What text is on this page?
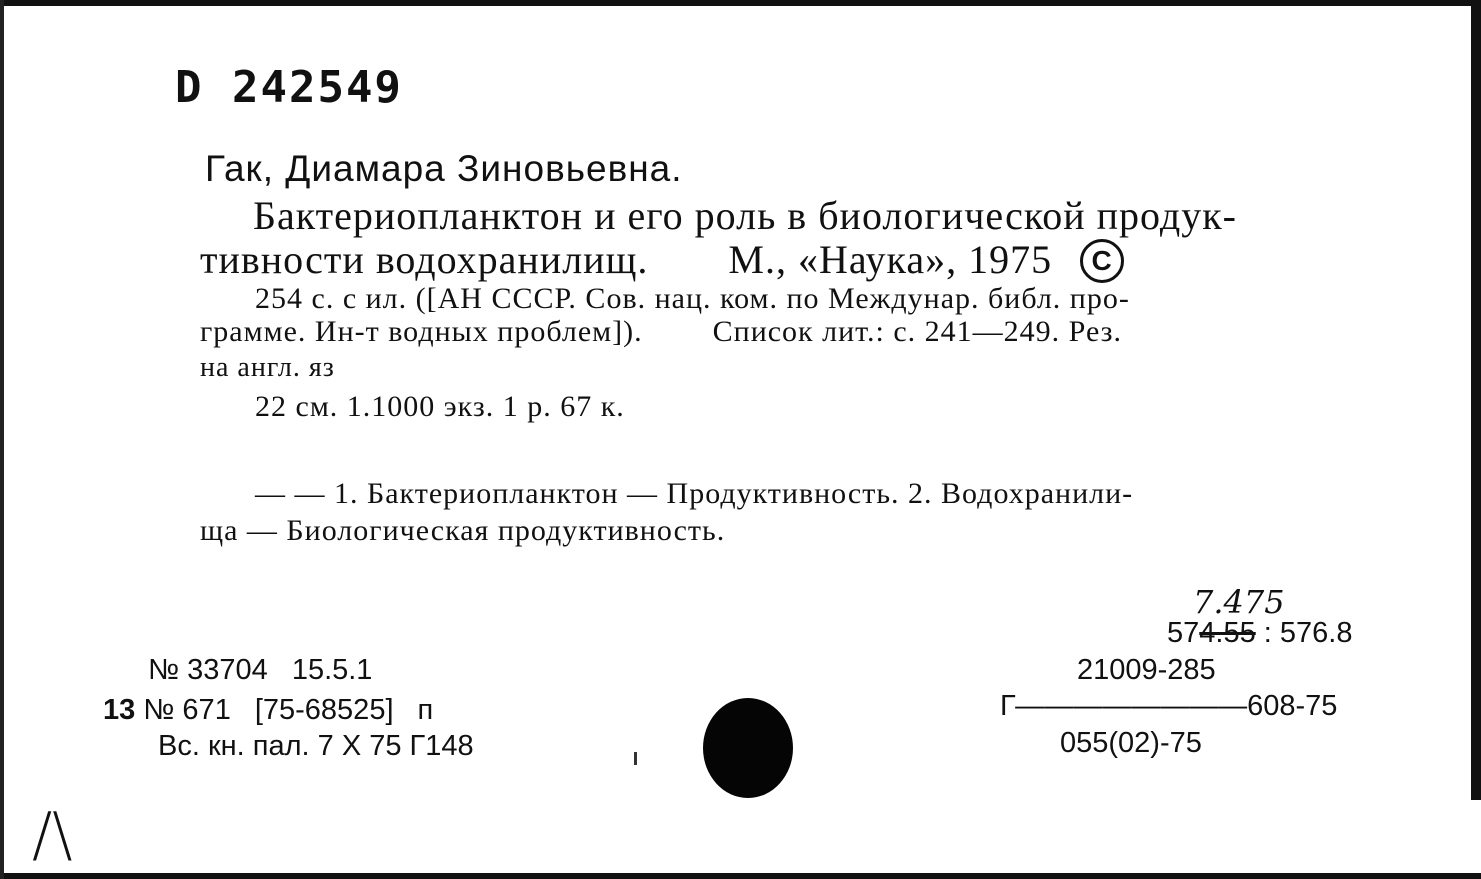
D 242549
Гак, Диамара Зиновьевна.
Бактериопланктон и его роль в биологической продук-
тивности водохранилищ. М., «Наука», 1975 C
254 с. с ил. ([АН СССР. Сов. нац. ком. по Междунар. библ. про-
грамме. Ин-т водных проблем]). Список лит.: с. 241—249. Рез.
на англ. яз
22 см. 1.1000 экз. 1 р. 67 к.
— — 1. Бактериопланктон — Продуктивность. 2. Водохранили-
ща — Биологическая продуктивность.
№ 33704 15.5.1
13 № 671 [75-68525] п
Вс. кн. пал. 7 X 75 Г148
7.475
574.55 : 576.8
21009-285
Г————————608-75
055(02)-75
/\
